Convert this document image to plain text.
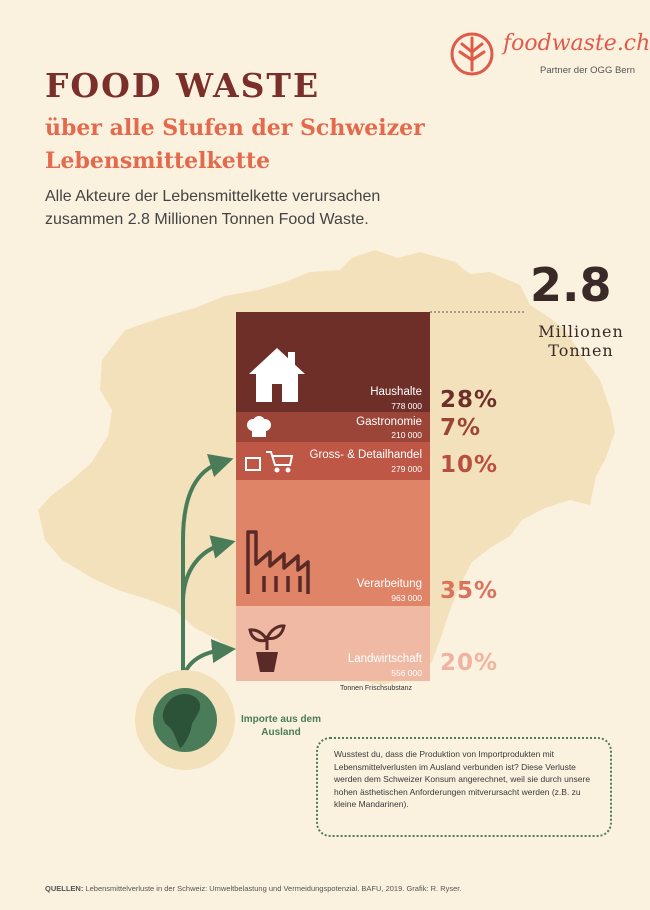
foodwaste.ch
Partner der OGG Bern
FOOD WASTE
über alle Stufen der Schweizer Lebensmittelkette

Alle Akteure der Lebensmittelkette verursachen zusammen 2.8 Millionen Tonnen Food Waste.

2.8
Millionen Tonnen
Haushalte
778 000
Gastronomie
210 000
Gross- & Detailhandel
279 000
Verarbeitung
963 000
Landwirtschaft
556 000
28%
7%
10%
35%
20%
Tonnen Frischsubstanz
Importe aus dem Ausland
Wusstest du, dass die Produktion von Importprodukten mit Lebensmittelverlusten im Ausland verbunden ist? Diese Verluste werden dem Schweizer Konsum angerechnet, weil sie durch unsere hohen ästhetischen Anforderungen mitverursacht werden (z.B. zu kleine Mandarinen).
QUELLEN: Lebensmittelverluste in der Schweiz: Umweltbelastung und Vermeidungspotenzial. BAFU, 2019. Grafik: R. Ryser.
